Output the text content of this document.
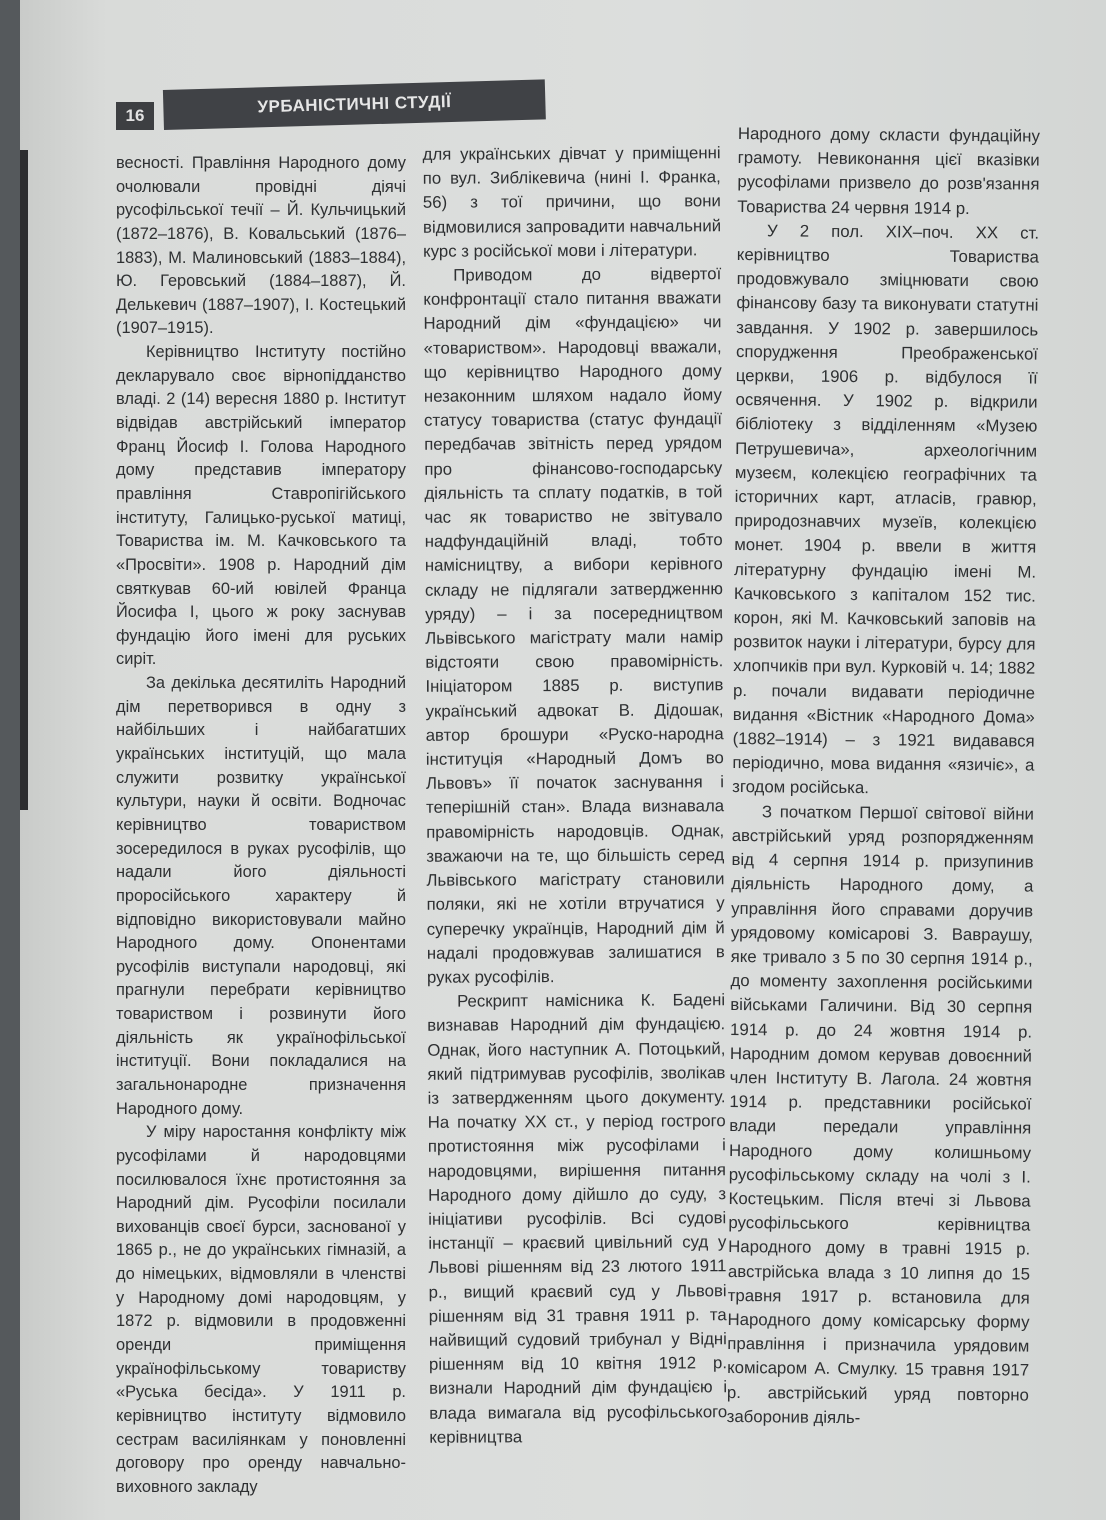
16	УРБАНІСТИЧНІ СТУДІЇ

весності. Правління Народного дому очолювали провідні діячі русофільської течії – Й. Кульчицький (1872–1876), В. Ковальський (1876–1883), М. Малиновський (1883–1884), Ю. Геровський (1884–1887), Й. Делькевич (1887–1907), І. Костецький (1907–1915).

Керівництво Інституту постійно декларувало своє вірнопідданство владі. 2 (14) вересня 1880 р. Інститут відвідав австрійський імператор Франц Йосиф І. Голова Народного дому представив імператору правління Ставропігійського інституту, Галицько-руської матиці, Товариства ім. М. Качковського та «Просвіти». 1908 р. Народний дім святкував 60-ий ювілей Франца Йосифа І, цього ж року заснував фундацію його імені для руських сиріт.

За декілька десятиліть Народний дім перетворився в одну з найбільших і найбагатших українських інституцій, що мала служити розвитку української культури, науки й освіти. Водночас керівництво товариством зосередилося в руках русофілів, що надали його діяльності проросійського характеру й відповідно використовували майно Народного дому. Опонентами русофілів виступали народовці, які прагнули перебрати керівництво товариством і розвинути його діяльність як українофільської інституції. Вони покладалися на загальнонародне призначення Народного дому.

У міру наростання конфлікту між русофілами й народовцями посилювалося їхнє протистояння за Народний дім. Русофіли посилали вихованців своєї бурси, заснованої у 1865 р., не до українських гімназій, а до німецьких, відмовляли в членстві у Народному домі народовцям, у 1872 р. відмовили в продовженні оренди приміщення українофільському товариству «Руська бесіда». У 1911 р. керівництво інституту відмовило сестрам василіянкам у поновленні договору про оренду навчально-виховного закладу

для українських дівчат у приміщенні по вул. Зиблікевича (нині І. Франка, 56) з тої причини, що вони відмовилися запровадити навчальний курс з російської мови і літератури.

Приводом до відвертої конфронтації стало питання вважати Народний дім «фундацією» чи «товариством». Народовці вважали, що керівництво Народного дому незаконним шляхом надало йому статусу товариства (статус фундації передбачав звітність перед урядом про фінансово-господарську діяльність та сплату податків, в той час як товариство не звітувало надфундаційній владі, тобто намісництву, а вибори керівного складу не підлягали затвердженню уряду) – і за посередництвом Львівського магістрату мали намір відстояти свою правомірність. Ініціатором 1885 р. виступив український адвокат В. Дідошак, автор брошури «Руско-народна інституція «Народный Домъ во Львовъ» її початок заснування і теперішній стан». Влада визнавала правомірність народовців. Однак, зважаючи на те, що більшість серед Львівського магістрату становили поляки, які не хотіли втручатися у суперечку українців, Народний дім й надалі продовжував залишатися в руках русофілів.

Рескрипт намісника К. Бадені визнавав Народний дім фундацією. Однак, його наступник А. Потоцький, який підтримував русофілів, зволікав із затвердженням цього документу. На початку XX ст., у період гострого протистояння між русофілами і народовцями, вирішення питання Народного дому дійшло до суду, з ініціативи русофілів. Всі судові інстанції – краєвий цивільний суд у Львові рішенням від 23 лютого 1911 р., вищий краєвий суд у Львові рішенням від 31 травня 1911 р. та найвищий судовий трибунал у Відні рішенням від 10 квітня 1912 р. визнали Народний дім фундацією і влада вимагала від русофільського керівництва

Народного дому скласти фундаційну грамоту. Невиконання цієї вказівки русофілами призвело до розв'язання Товариства 24 червня 1914 р.

У 2 пол. XIX–поч. XX ст. керівництво Товариства продовжувало зміцнювати свою фінансову базу та виконувати статутні завдання. У 1902 р. завершилось спорудження Преображенської церкви, 1906 р. відбулося її освячення. У 1902 р. відкрили бібліотеку з відділенням «Музею Петрушевича», археологічним музеєм, колекцією географічних та історичних карт, атласів, гравюр, природознавчих музеїв, колекцією монет. 1904 р. ввели в життя літературну фундацію імені М. Качковського з капіталом 152 тис. корон, які М. Качковський заповів на розвиток науки і літератури, бурсу для хлопчиків при вул. Курковій ч. 14; 1882 р. почали видавати періодичне видання «Вістник «Народного Дома» (1882–1914) – з 1921 видавався періодично, мова видання «язичіє», а згодом російська.

З початком Першої світової війни австрійський уряд розпорядженням від 4 серпня 1914 р. призупинив діяльність Народного дому, а управління його справами доручив урядовому комісарові З. Вавраушу, яке тривало з 5 по 30 серпня 1914 р., до моменту захоплення російськими військами Галичини. Від 30 серпня 1914 р. до 24 жовтня 1914 р. Народним домом керував довоєнний член Інституту В. Лагола. 24 жовтня 1914 р. представники російської влади передали управління Народного дому колишньому русофільському складу на чолі з І. Костецьким. Після втечі зі Львова русофільського керівництва Народного дому в травні 1915 р. австрійська влада з 10 липня до 15 травня 1917 р. встановила для Народного дому комісарську форму правління і призначила урядовим комісаром А. Смулку. 15 травня 1917 р. австрійський уряд повторно заборонив діяль-
